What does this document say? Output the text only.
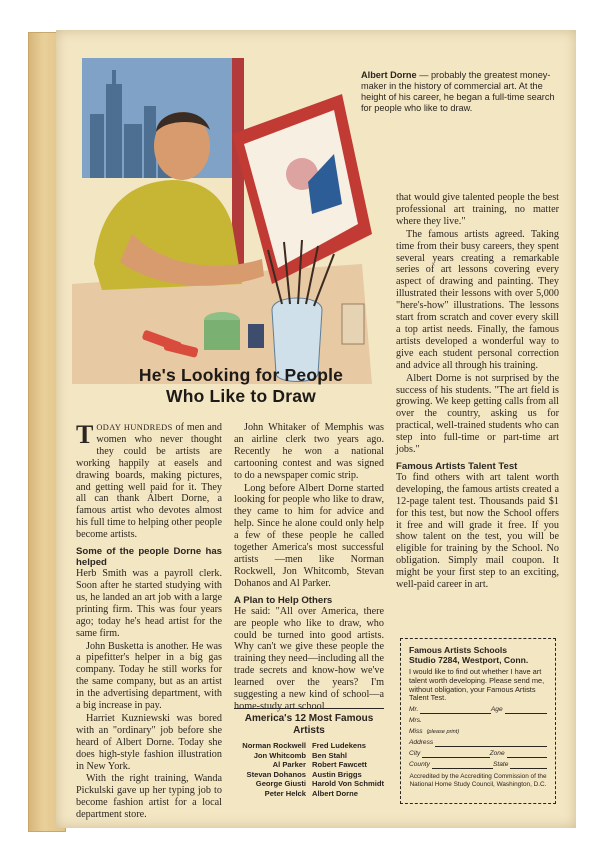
Albert Dorne — probably the greatest money-maker in the history of commercial art. At the height of his career, he began a full-time search for people who like to draw.
He's Looking for People
Who Like to Draw

TODAY HUNDREDS of men and women who never thought they could be artists are working happily at easels and drawing boards, making pictures, and getting well paid for it. They all can thank Albert Dorne, a famous artist who devotes almost his full time to helping other people become artists.

Some of the people Dorne has helped

Herb Smith was a payroll clerk. Soon after he started studying with us, he landed an art job with a large printing firm. This was four years ago; today he's head artist for the same firm.

John Busketta is another. He was a pipefitter's helper in a big gas company. Today he still works for the same company, but as an artist in the advertising department, with a big increase in pay.

Harriet Kuzniewski was bored with an "ordinary" job before she heard of Albert Dorne. Today she does high-style fashion illustration in New York.

With the right training, Wanda Pickulski gave up her typing job to become fashion artist for a local department store.

John Whitaker of Memphis was an airline clerk two years ago. Recently he won a national cartooning contest and was signed to do a newspaper comic strip.

Long before Albert Dorne started looking for people who like to draw, they came to him for advice and help. Since he alone could only help a few of these people he called together America's most successful artists —men like Norman Rockwell, Jon Whitcomb, Stevan Dohanos and Al Parker.

A Plan to Help Others

He said: "All over America, there are people who like to draw, who could be turned into good artists. Why can't we give these people the training they need—including all the trade secrets and know-how we've learned over the years? I'm suggesting a new kind of school—a home-study art school

America's 12 Most Famous Artists
Norman Rockwell Fred Ludekens
Jon Whitcomb Ben Stahl
Al Parker Robert Fawcett
Stevan Dohanos Austin Briggs
George Giusti Harold Von Schmidt
Peter Helck Albert Dorne

that would give talented people the best professional art training, no matter where they live."

The famous artists agreed. Taking time from their busy careers, they spent several years creating a remarkable series of art lessons covering every aspect of drawing and painting. They illustrated their lessons with over 5,000 "here's-how" illustrations. The lessons start from scratch and cover every skill a top artist needs. Finally, the famous artists developed a wonderful way to give each student personal correction and advice all through his training.

Albert Dorne is not surprised by the success of his students. "The art field is growing. We keep getting calls from all over the country, asking us for practical, well-trained students who can step into full-time or part-time art jobs."

Famous Artists Talent Test

To find others with art talent worth developing, the famous artists created a 12-page talent test. Thousands paid $1 for this test, but now the School offers it free and will grade it free. If you show talent on the test, you will be eligible for training by the School. No obligation. Simply mail coupon. It might be your first step to an exciting, well-paid career in art.

Famous Artists Schools
Studio 7284, Westport, Conn.
I would like to find out whether I have art talent worth developing. Please send me, without obligation, your Famous Artists Talent Test.
Mr.	Age
Mrs.
Miss (please print)
Address
City	Zone
County	State
Accredited by the Accrediting Commission of the National Home Study Council, Washington, D.C.
